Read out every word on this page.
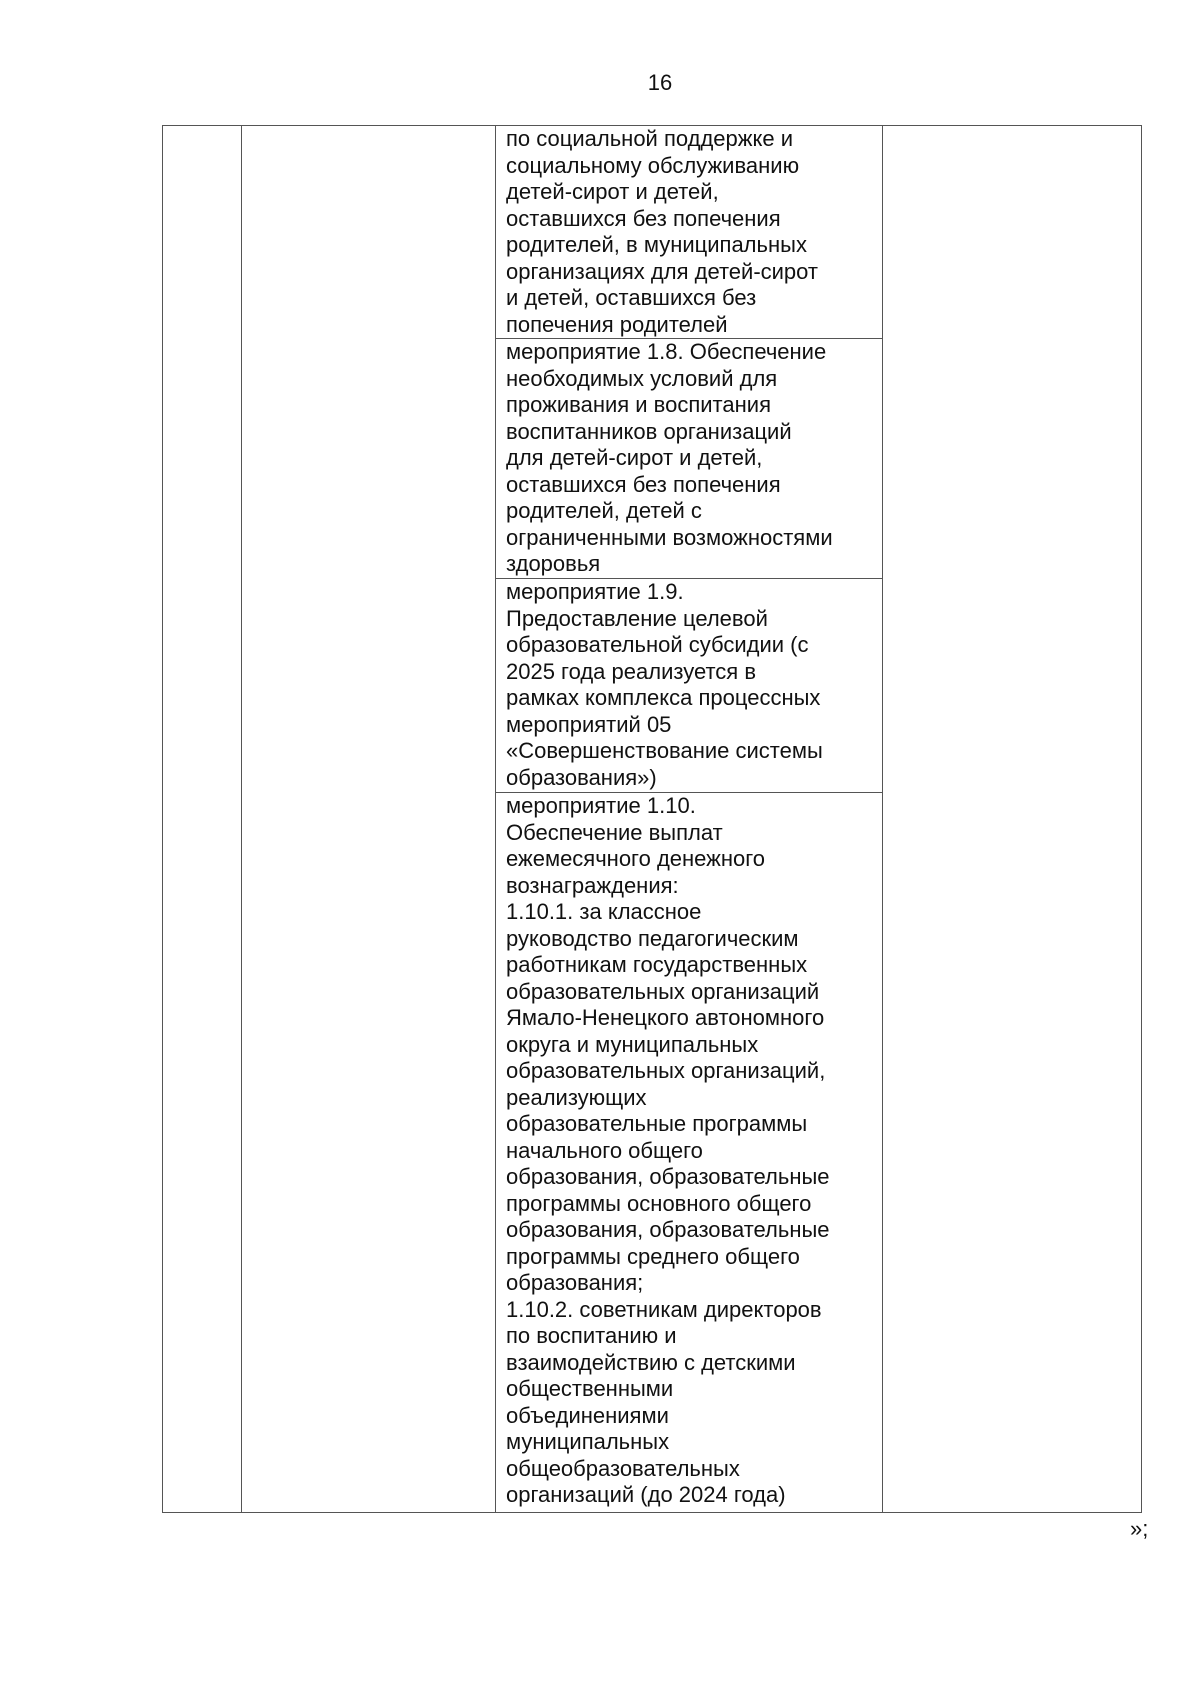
16
		по социальной поддержке и
социальному обслуживанию
детей-сирот и детей,
оставшихся без попечения
родителей, в муниципальных
организациях для детей-сирот
и детей, оставшихся без
попечения родителей	
мероприятие 1.8. Обеспечение
необходимых условий для
проживания и воспитания
воспитанников организаций
для детей-сирот и детей,
оставшихся без попечения
родителей, детей с
ограниченными возможностями
здоровья
мероприятие 1.9.
Предоставление целевой
образовательной субсидии (с
2025 года реализуется в
рамках комплекса процессных
мероприятий 05
«Совершенствование системы
образования»)
мероприятие 1.10.
Обеспечение выплат
ежемесячного денежного
вознаграждения:
1.10.1. за классное
руководство педагогическим
работникам государственных
образовательных организаций
Ямало-Ненецкого автономного
округа и муниципальных
образовательных организаций,
реализующих
образовательные программы
начального общего
образования, образовательные
программы основного общего
образования, образовательные
программы среднего общего
образования;
1.10.2. советникам директоров
по воспитанию и
взаимодействию с детскими
общественными
объединениями
муниципальных
общеобразовательных
организаций (до 2024 года)
»;
